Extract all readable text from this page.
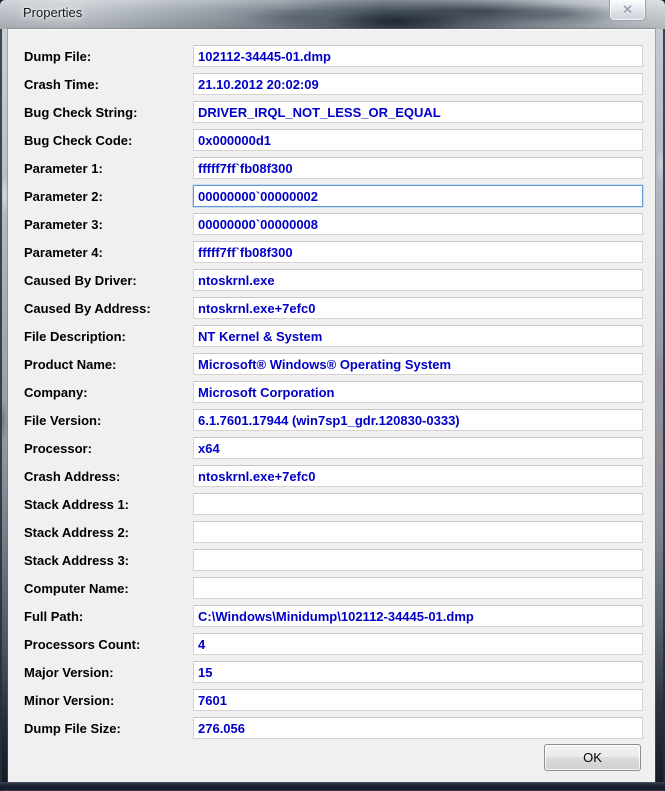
Properties	✕
Dump File:
102112-34445-01.dmp
Crash Time:
21.10.2012 20:02:09
Bug Check String:
DRIVER_IRQL_NOT_LESS_OR_EQUAL
Bug Check Code:
0x000000d1
Parameter 1:
fffff7ff`fb08f300
Parameter 2:
00000000`00000002
Parameter 3:
00000000`00000008
Parameter 4:
fffff7ff`fb08f300
Caused By Driver:
ntoskrnl.exe
Caused By Address:
ntoskrnl.exe+7efc0
File Description:
NT Kernel & System
Product Name:
Microsoft® Windows® Operating System
Company:
Microsoft Corporation
File Version:
6.1.7601.17944 (win7sp1_gdr.120830-0333)
Processor:
x64
Crash Address:
ntoskrnl.exe+7efc0
Stack Address 1:
Stack Address 2:
Stack Address 3:
Computer Name:
Full Path:
C:\Windows\Minidump\102112-34445-01.dmp
Processors Count:
4
Major Version:
15
Minor Version:
7601
Dump File Size:
276.056
OK
